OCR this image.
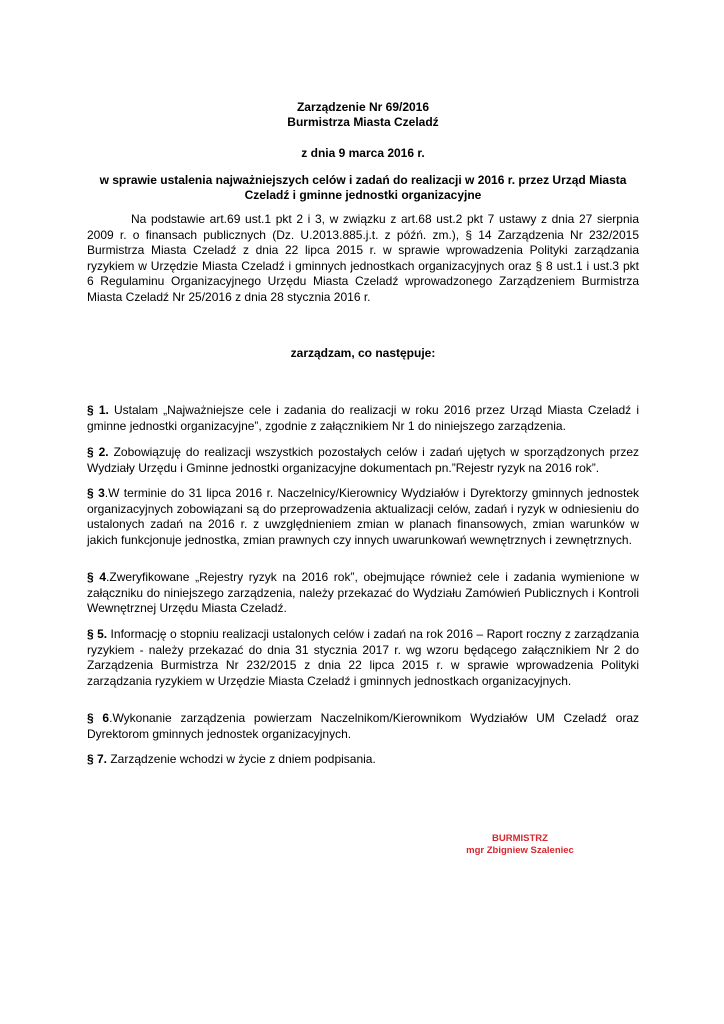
Zarządzenie Nr 69/2016
Burmistrza Miasta Czeladź
z dnia 9 marca 2016 r.
w sprawie ustalenia najważniejszych celów i zadań do realizacji w 2016 r. przez Urząd Miasta Czeladź i gminne jednostki organizacyjne
Na podstawie art.69 ust.1 pkt 2 i 3, w związku z art.68 ust.2 pkt 7 ustawy z dnia 27 sierpnia 2009 r. o finansach publicznych (Dz. U.2013.885.j.t. z późń. zm.), § 14 Zarządzenia Nr 232/2015 Burmistrza Miasta Czeladź z dnia 22 lipca 2015 r. w sprawie wprowadzenia Polityki zarządzania ryzykiem w Urzędzie Miasta Czeladź i gminnych jednostkach organizacyjnych oraz § 8 ust.1 i ust.3 pkt 6 Regulaminu Organizacyjnego Urzędu Miasta Czeladź wprowadzonego Zarządzeniem Burmistrza Miasta Czeladź Nr 25/2016 z dnia 28 stycznia 2016 r.
zarządzam, co następuje:
§ 1. Ustalam „Najważniejsze cele i zadania do realizacji w roku 2016 przez Urząd Miasta Czeladź i gminne jednostki organizacyjne”, zgodnie z załącznikiem Nr 1 do niniejszego zarządzenia.
§ 2. Zobowiązuję do realizacji wszystkich pozostałych celów i zadań ujętych w sporządzonych przez Wydziały Urzędu i Gminne jednostki organizacyjne dokumentach pn.”Rejestr ryzyk na 2016 rok”.
§ 3.W terminie do 31 lipca 2016 r. Naczelnicy/Kierownicy Wydziałów i Dyrektorzy gminnych jednostek organizacyjnych zobowiązani są do przeprowadzenia aktualizacji celów, zadań i ryzyk w odniesieniu do ustalonych zadań na 2016 r. z uwzględnieniem zmian w planach finansowych, zmian warunków w jakich funkcjonuje jednostka, zmian prawnych czy innych uwarunkowań wewnętrznych i zewnętrznych.
§ 4.Zweryfikowane „Rejestry ryzyk na 2016 rok”, obejmujące również cele i zadania wymienione w załączniku do niniejszego zarządzenia, należy przekazać do Wydziału Zamówień Publicznych i Kontroli Wewnętrznej Urzędu Miasta Czeladź.
§ 5. Informację o stopniu realizacji ustalonych celów i zadań na rok 2016 – Raport roczny z zarządzania ryzykiem - należy przekazać do dnia 31 stycznia 2017 r. wg wzoru będącego załącznikiem Nr 2 do Zarządzenia Burmistrza Nr 232/2015 z dnia 22 lipca 2015 r. w sprawie wprowadzenia Polityki zarządzania ryzykiem w Urzędzie Miasta Czeladź i gminnych jednostkach organizacyjnych.
§ 6.Wykonanie zarządzenia powierzam Naczelnikom/Kierownikom Wydziałów UM Czeladź oraz Dyrektorom gminnych jednostek organizacyjnych.
§ 7. Zarządzenie wchodzi w życie z dniem podpisania.
BURMISTRZ
mgr Zbigniew Szaleniec
